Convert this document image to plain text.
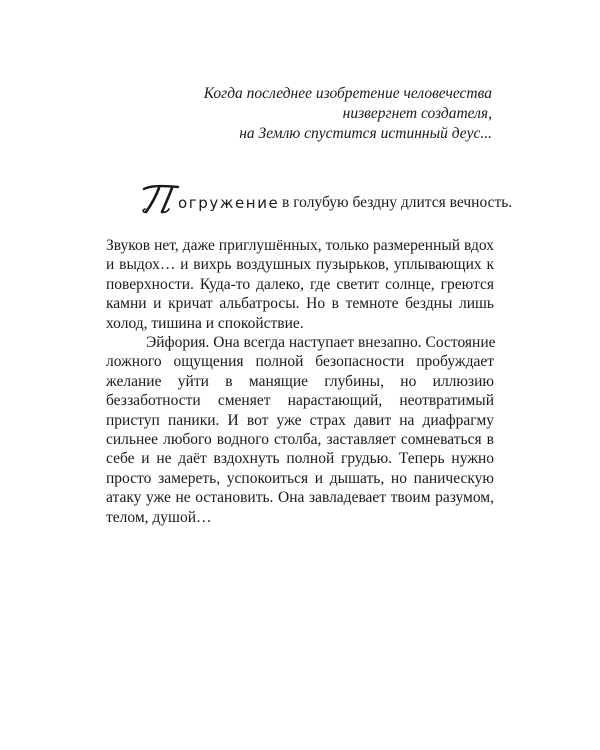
Когда последнее изобретение человечества
низвергнет создателя,
на Землю спустится истинный деус...
огружение в голубую бездну длится вечность.

Звуков нет, даже приглушённых, только размеренный вдох
и выдох… и вихрь воздушных пузырьков, уплывающих к
поверхности. Куда-то далеко, где светит солнце, греются
камни и кричат альбатросы. Но в темноте бездны лишь
холод, тишина и спокойствие.

Эйфория. Она всегда наступает внезапно. Состояние
ложного ощущения полной безопасности пробуждает
желание уйти в манящие глубины, но иллюзию
беззаботности сменяет нарастающий, неотвратимый
приступ паники. И вот уже страх давит на диафрагму
сильнее любого водного столба, заставляет сомневаться в
себе и не даёт вздохнуть полной грудью. Теперь нужно
просто замереть, успокоиться и дышать, но паническую
атаку уже не остановить. Она завладевает твоим разумом,
телом, душой…
